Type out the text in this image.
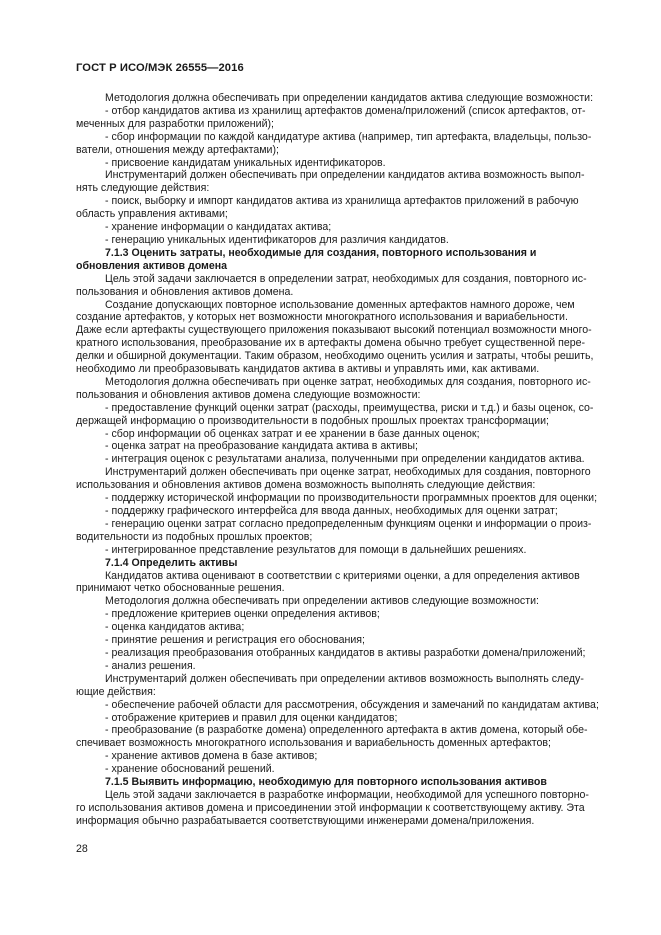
ГОСТ Р ИСО/МЭК 26555—2016
Методология должна обеспечивать при определении кандидатов актива следующие возможности:
- отбор кандидатов актива из хранилищ артефактов домена/приложений (список артефактов, от-
меченных для разработки приложений);
- сбор информации по каждой кандидатуре актива (например, тип артефакта, владельцы, пользо-
ватели, отношения между артефактами);
- присвоение кандидатам уникальных идентификаторов.
Инструментарий должен обеспечивать при определении кандидатов актива возможность выпол-
нять следующие действия:
- поиск, выборку и импорт кандидатов актива из хранилища артефактов приложений в рабочую
область управления активами;
- хранение информации о кандидатах актива;
- генерацию уникальных идентификаторов для различия кандидатов.
7.1.3 Оценить затраты, необходимые для создания, повторного использования и
обновления активов домена
Цель этой задачи заключается в определении затрат, необходимых для создания, повторного ис-
пользования и обновления активов домена.
Создание допускающих повторное использование доменных артефактов намного дороже, чем
создание артефактов, у которых нет возможности многократного использования и вариабельности.
Даже если артефакты существующего приложения показывают высокий потенциал возможности много-
кратного использования, преобразование их в артефакты домена обычно требует существенной пере-
делки и обширной документации. Таким образом, необходимо оценить усилия и затраты, чтобы решить,
необходимо ли преобразовывать кандидатов актива в активы и управлять ими, как активами.
Методология должна обеспечивать при оценке затрат, необходимых для создания, повторного ис-
пользования и обновления активов домена следующие возможности:
- предоставление функций оценки затрат (расходы, преимущества, риски и т.д.) и базы оценок, со-
держащей информацию о производительности в подобных прошлых проектах трансформации;
- сбор информации об оценках затрат и ее хранении в базе данных оценок;
- оценка затрат на преобразование кандидата актива в активы;
- интеграция оценок с результатами анализа, полученными при определении кандидатов актива.
Инструментарий должен обеспечивать при оценке затрат, необходимых для создания, повторного
использования и обновления активов домена возможность выполнять следующие действия:
- поддержку исторической информации по производительности программных проектов для оценки;
- поддержку графического интерфейса для ввода данных, необходимых для оценки затрат;
- генерацию оценки затрат согласно предопределенным функциям оценки и информации о произ-
водительности из подобных прошлых проектов;
- интегрированное представление результатов для помощи в дальнейших решениях.
7.1.4 Определить активы
Кандидатов актива оценивают в соответствии с критериями оценки, а для определения активов
принимают четко обоснованные решения.
Методология должна обеспечивать при определении активов следующие возможности:
- предложение критериев оценки определения активов;
- оценка кандидатов актива;
- принятие решения и регистрация его обоснования;
- реализация преобразования отобранных кандидатов в активы разработки домена/приложений;
- анализ решения.
Инструментарий должен обеспечивать при определении активов возможность выполнять следу-
ющие действия:
- обеспечение рабочей области для рассмотрения, обсуждения и замечаний по кандидатам актива;
- отображение критериев и правил для оценки кандидатов;
- преобразование (в разработке домена) определенного артефакта в актив домена, который обе-
спечивает возможность многократного использования и вариабельность доменных артефактов;
- хранение активов домена в базе активов;
- хранение обоснований решений.
7.1.5 Выявить информацию, необходимую для повторного использования активов
Цель этой задачи заключается в разработке информации, необходимой для успешного повторно-
го использования активов домена и присоединении этой информации к соответствующему активу. Эта
информация обычно разрабатывается соответствующими инженерами домена/приложения.
28
